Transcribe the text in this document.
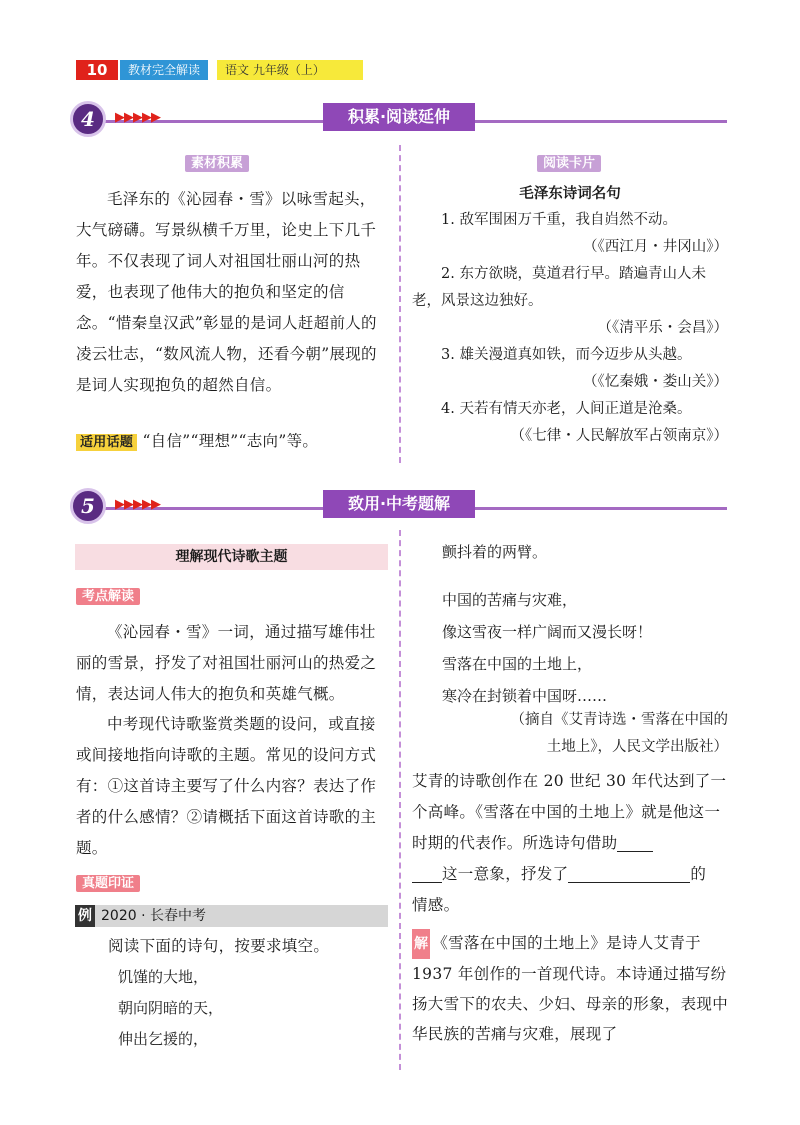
10	教材完全解读	语文 九年级（上）
4	▶▶▶▶▶	积累·阅读延伸
素材积累
毛泽东的《沁园春・雪》以咏雪起头，大气磅礴。写景纵横千万里，论史上下几千年。不仅表现了词人对祖国壮丽山河的热爱，也表现了他伟大的抱负和坚定的信念。“惜秦皇汉武”彰显的是词人赶超前人的凌云壮志，“数风流人物，还看今朝”展现的是词人实现抱负的超然自信。
适用话题 “自信”“理想”“志向”等。
阅读卡片
毛泽东诗词名句
1. 敌军围困万千重，我自岿然不动。
（《西江月・井冈山》）
2. 东方欲晓，莫道君行早。踏遍青山人未老，风景这边独好。
（《清平乐・会昌》）
3. 雄关漫道真如铁，而今迈步从头越。
（《忆秦娥・娄山关》）
4. 天若有情天亦老，人间正道是沧桑。
（《七律・人民解放军占领南京》）
5	▶▶▶▶▶	致用·中考题解
理解现代诗歌主题
考点解读
《沁园春・雪》一词，通过描写雄伟壮丽的雪景，抒发了对祖国壮丽河山的热爱之情，表达词人伟大的抱负和英雄气概。
中考现代诗歌鉴赏类题的设问，或直接或间接地指向诗歌的主题。常见的设问方式有：①这首诗主要写了什么内容？表达了作者的什么感情？②请概括下面这首诗歌的主题。
真题印证
例 2020 · 长春中考
阅读下面的诗句，按要求填空。
饥馑的大地，
朝向阴暗的天，
伸出乞援的，
颤抖着的两臂。
中国的苦痛与灾难，
像这雪夜一样广阔而又漫长呀！
雪落在中国的土地上，
寒冷在封锁着中国呀……
（摘自《艾青诗选・雪落在中国的
土地上》，人民文学出版社）
艾青的诗歌创作在 20 世纪 30 年代达到了一个高峰。《雪落在中国的土地上》就是他这一时期的代表作。所选诗句借助
这一意象，抒发了	的
情感。
解 《雪落在中国的土地上》是诗人艾青于 1937 年创作的一首现代诗。本诗通过描写纷扬大雪下的农夫、少妇、母亲的形象，表现中华民族的苦痛与灾难，展现了
